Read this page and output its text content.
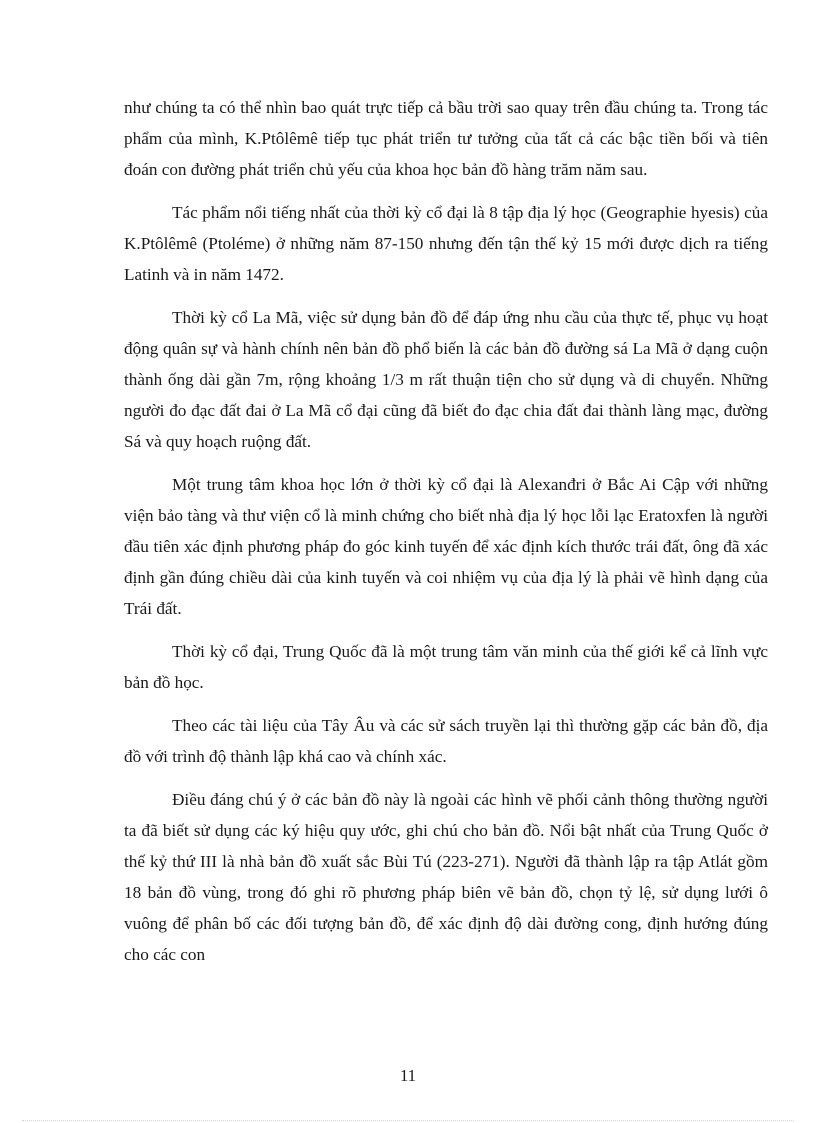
như chúng ta có thể nhìn bao quát trực tiếp cả bầu trời sao quay trên đầu chúng ta. Trong tác phẩm của mình, K.Ptôlêmê tiếp tục phát triển tư tưởng của tất cả các bậc tiền bối và tiên đoán con đường phát triển chủ yếu của khoa học bản đồ hàng trăm năm sau.

Tác phẩm nổi tiếng nhất của thời kỳ cổ đại là 8 tập địa lý học (Geographie hyesis) của K.Ptôlêmê (Ptoléme) ở những năm 87-150 nhưng đến tận thế kỷ 15 mới được dịch ra tiếng Latinh và in năm 1472.

Thời kỳ cổ La Mã, việc sử dụng bản đồ để đáp ứng nhu cầu của thực tế, phục vụ hoạt động quân sự và hành chính nên bản đồ phổ biến là các bản đồ đường sá La Mã ở dạng cuộn thành ống dài gần 7m, rộng khoảng 1/3 m rất thuận tiện cho sử dụng và di chuyển. Những người đo đạc đất đai ở La Mã cổ đại cũng đã biết đo đạc chia đất đai thành làng mạc, đường Sá và quy hoạch ruộng đất.

Một trung tâm khoa học lớn ở thời kỳ cổ đại là Alexanđri ở Bắc Ai Cập với những viện bảo tàng và thư viện cổ là minh chứng cho biết nhà địa lý học lỗi lạc Eratoxfen là người đầu tiên xác định phương pháp đo góc kinh tuyến để xác định kích thước trái đất, ông đã xác định gần đúng chiều dài của kinh tuyến và coi nhiệm vụ của địa lý là phải vẽ hình dạng của Trái đất.

Thời kỳ cổ đại, Trung Quốc đã là một trung tâm văn minh của thế giới kể cả lĩnh vực bản đồ học.

Theo các tài liệu của Tây Âu và các sử sách truyền lại thì thường gặp các bản đồ, địa đồ với trình độ thành lập khá cao và chính xác.

Điều đáng chú ý ở các bản đồ này là ngoài các hình vẽ phối cảnh thông thường người ta đã biết sử dụng các ký hiệu quy ước, ghi chú cho bản đồ. Nổi bật nhất của Trung Quốc ở thế kỷ thứ III là nhà bản đồ xuất sắc Bùi Tú (223-271). Người đã thành lập ra tập Atlát gồm 18 bản đồ vùng, trong đó ghi rõ phương pháp biên vẽ bản đồ, chọn tỷ lệ, sử dụng lưới ô vuông để phân bố các đối tượng bản đồ, để xác định độ dài đường cong, định hướng đúng cho các con

11
